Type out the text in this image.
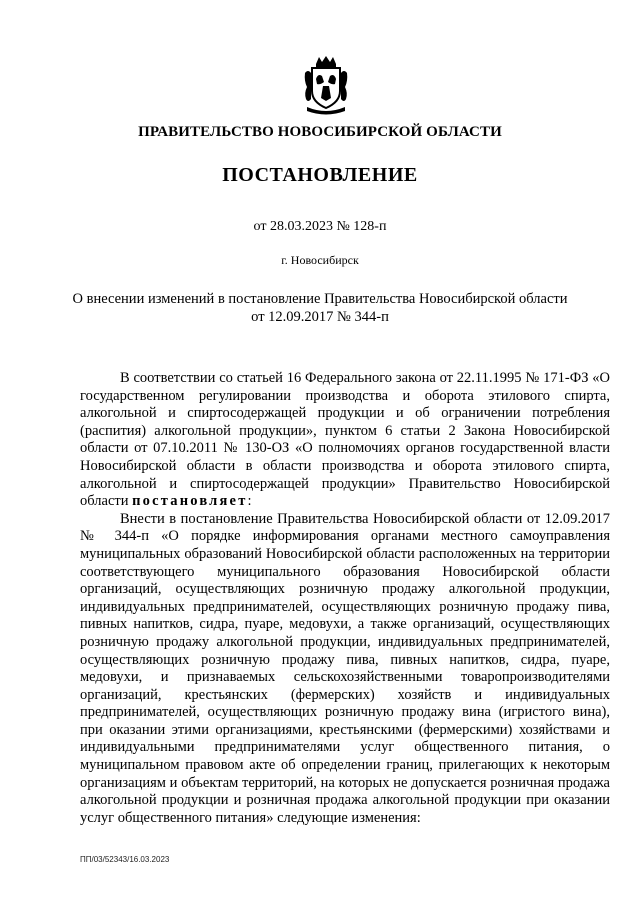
ПРАВИТЕЛЬСТВО НОВОСИБИРСКОЙ ОБЛАСТИ
ПОСТАНОВЛЕНИЕ
от 28.03.2023 № 128-п
г. Новосибирск
О внесении изменений в постановление Правительства Новосибирской области
от 12.09.2017 № 344-п

В соответствии со статьей 16 Федерального закона от 22.11.1995 № 171-ФЗ «О государственном регулировании производства и оборота этилового спирта, алкогольной и спиртосодержащей продукции и об ограничении потребления (распития) алкогольной продукции», пунктом 6 статьи 2 Закона Новосибирской области от 07.10.2011 № 130-ОЗ «О полномочиях органов государственной власти Новосибирской области в области производства и оборота этилового спирта, алкогольной и спиртосодержащей продукции» Правительство Новосибирской области постановляет:

Внести в постановление Правительства Новосибирской области от 12.09.2017 № 344-п «О порядке информирования органами местного самоуправления муниципальных образований Новосибирской области расположенных на территории соответствующего муниципального образования Новосибирской области организаций, осуществляющих розничную продажу алкогольной продукции, индивидуальных предпринимателей, осуществляющих розничную продажу пива, пивных напитков, сидра, пуаре, медовухи, а также организаций, осуществляющих розничную продажу алкогольной продукции, индивидуальных предпринимателей, осуществляющих розничную продажу пива, пивных напитков, сидра, пуаре, медовухи, и признаваемых сельскохозяйственными товаропроизводителями организаций, крестьянских (фермерских) хозяйств и индивидуальных предпринимателей, осуществляющих розничную продажу вина (игристого вина), при оказании этими организациями, крестьянскими (фермерскими) хозяйствами и индивидуальными предпринимателями услуг общественного питания, о муниципальном правовом акте об определении границ, прилегающих к некоторым организациям и объектам территорий, на которых не допускается розничная продажа алкогольной продукции и розничная продажа алкогольной продукции при оказании услуг общественного питания» следующие изменения:

ПП/03/52343/16.03.2023
